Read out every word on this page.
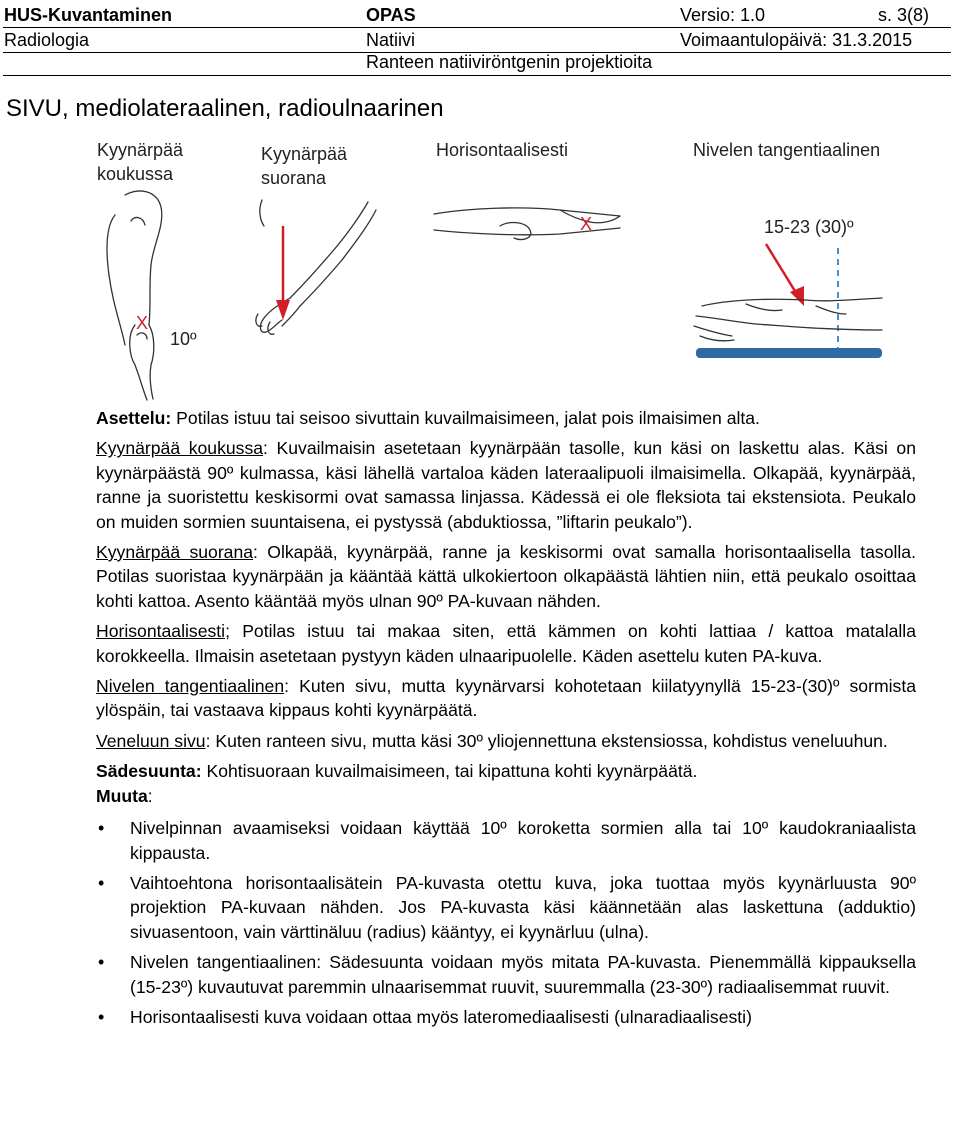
HUS-Kuvantaminen	OPAS	Versio: 1.0	s. 3(8)
Radiologia	Natiivi	Voimaantulopäivä: 31.3.2015
Ranteen natiiviröntgenin projektioita
SIVU, mediolateraalinen, radioulnaarinen
Kyynärpää
koukussa
Kyynärpää
suorana
Horisontaalisesti	Nivelen tangentiaalinen
X
10º
X	15-23 (30)º

Asettelu: Potilas istuu tai seisoo sivuttain kuvailmaisimeen, jalat pois ilmaisimen alta.

Kyynärpää koukussa: Kuvailmaisin asetetaan kyynärpään tasolle, kun käsi on laskettu alas. Käsi on kyynärpäästä 90º kulmassa, käsi lähellä vartaloa käden lateraalipuoli ilmaisimella. Olkapää, kyynärpää, ranne ja suoristettu keskisormi ovat samassa linjassa. Kädessä ei ole fleksiota tai ekstensiota. Peukalo on muiden sormien suuntaisena, ei pystyssä (abduktiossa, ”liftarin peukalo”).

Kyynärpää suorana: Olkapää, kyynärpää, ranne ja keskisormi ovat samalla horisontaalisella tasolla. Potilas suoristaa kyynärpään ja kääntää kättä ulkokiertoon olkapäästä lähtien niin, että peukalo osoittaa kohti kattoa. Asento kääntää myös ulnan 90º PA-kuvaan nähden.

Horisontaalisesti; Potilas istuu tai makaa siten, että kämmen on kohti lattiaa / kattoa matalalla korokkeella. Ilmaisin asetetaan pystyyn käden ulnaaripuolelle. Käden asettelu kuten PA-kuva.

Nivelen tangentiaalinen: Kuten sivu, mutta kyynärvarsi kohotetaan kiilatyynyllä 15-23-(30)º sormista ylöspäin, tai vastaava kippaus kohti kyynärpäätä.

Veneluun sivu: Kuten ranteen sivu, mutta käsi 30º yliojennettuna ekstensiossa, kohdistus veneluuhun.

Sädesuunta: Kohtisuoraan kuvailmaisimeen, tai kipattuna kohti kyynärpäätä.

Muuta:

• Nivelpinnan avaamiseksi voidaan käyttää 10º koroketta sormien alla tai 10º kaudokraniaalista kippausta.
• Vaihtoehtona horisontaalisätein PA-kuvasta otettu kuva, joka tuottaa myös kyynärluusta 90º projektion PA-kuvaan nähden. Jos PA-kuvasta käsi käännetään alas laskettuna (adduktio) sivuasentoon, vain värttinäluu (radius) kääntyy, ei kyynärluu (ulna).
• Nivelen tangentiaalinen: Sädesuunta voidaan myös mitata PA-kuvasta. Pienemmällä kippauksella (15-23º) kuvautuvat paremmin ulnaarisemmat ruuvit, suuremmalla (23-30º) radiaalisemmat ruuvit.
• Horisontaalisesti kuva voidaan ottaa myös lateromediaalisesti (ulnaradiaalisesti)
